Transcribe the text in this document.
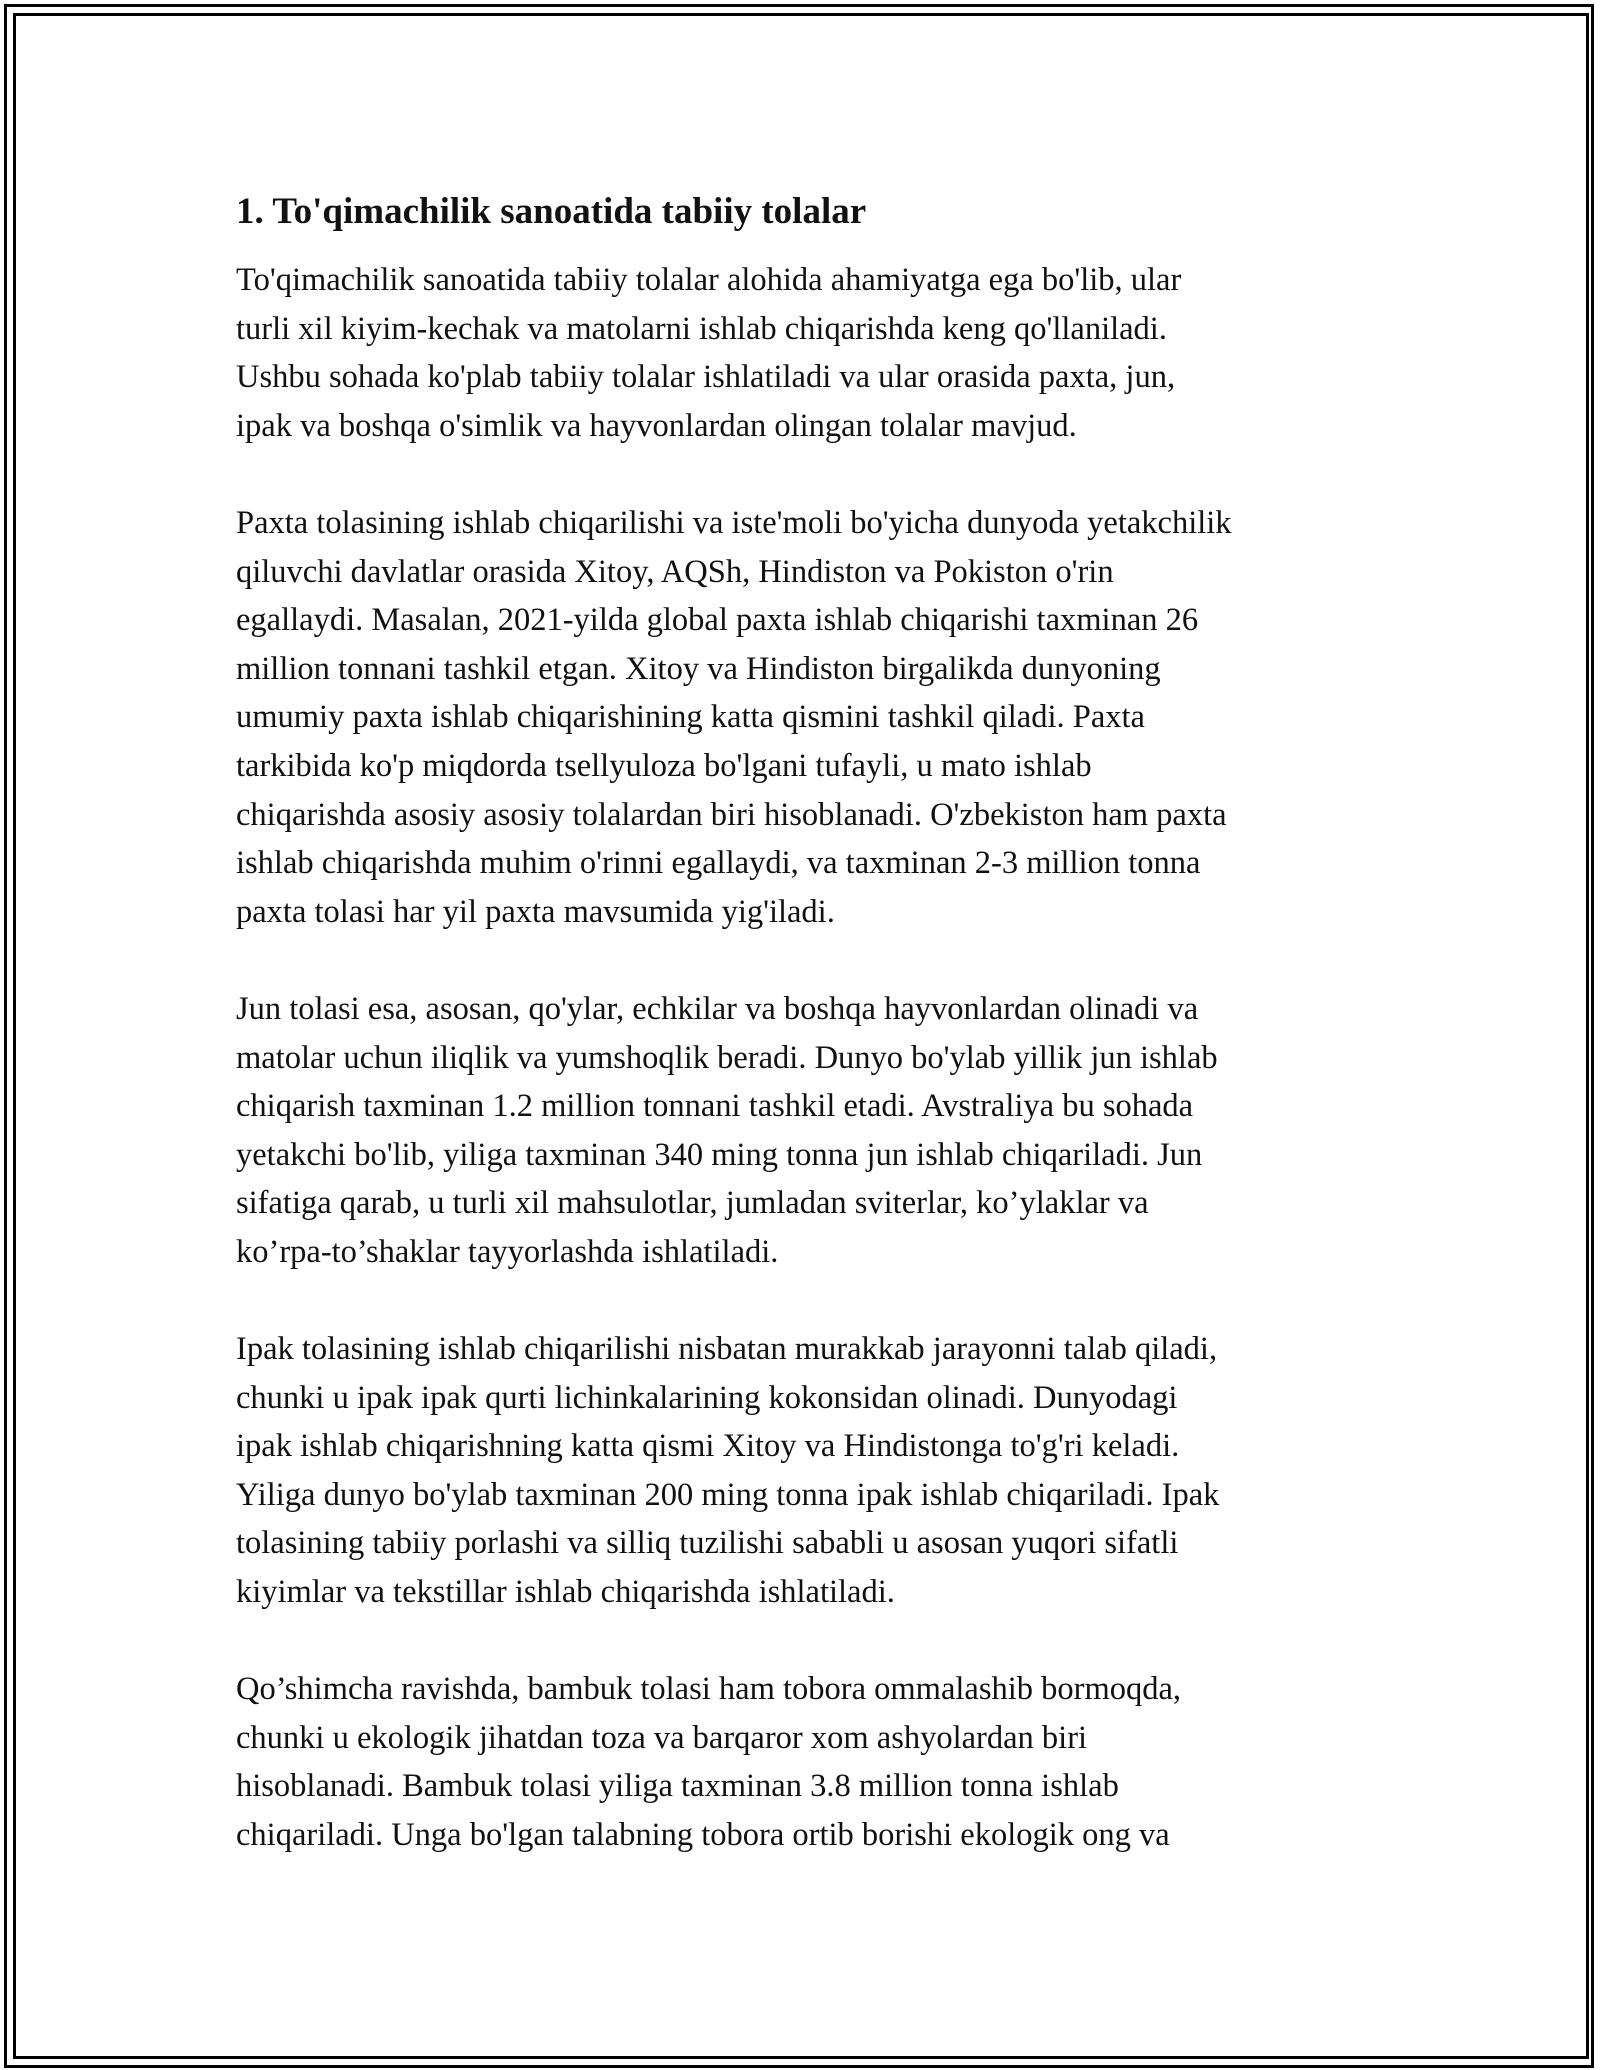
1. To'qimachilik sanoatida tabiiy tolalar
To'qimachilik sanoatida tabiiy tolalar alohida ahamiyatga ega bo'lib, ular
turli xil kiyim-kechak va matolarni ishlab chiqarishda keng qo'llaniladi.
Ushbu sohada ko'plab tabiiy tolalar ishlatiladi va ular orasida paxta, jun,
ipak va boshqa o'simlik va hayvonlardan olingan tolalar mavjud.
Paxta tolasining ishlab chiqarilishi va iste'moli bo'yicha dunyoda yetakchilik
qiluvchi davlatlar orasida Xitoy, AQSh, Hindiston va Pokiston o'rin
egallaydi. Masalan, 2021-yilda global paxta ishlab chiqarishi taxminan 26
million tonnani tashkil etgan. Xitoy va Hindiston birgalikda dunyoning
umumiy paxta ishlab chiqarishining katta qismini tashkil qiladi. Paxta
tarkibida ko'p miqdorda tsellyuloza bo'lgani tufayli, u mato ishlab
chiqarishda asosiy asosiy tolalardan biri hisoblanadi. O'zbekiston ham paxta
ishlab chiqarishda muhim o'rinni egallaydi, va taxminan 2-3 million tonna
paxta tolasi har yil paxta mavsumida yig'iladi.
Jun tolasi esa, asosan, qo'ylar, echkilar va boshqa hayvonlardan olinadi va
matolar uchun iliqlik va yumshoqlik beradi. Dunyo bo'ylab yillik jun ishlab
chiqarish taxminan 1.2 million tonnani tashkil etadi. Avstraliya bu sohada
yetakchi bo'lib, yiliga taxminan 340 ming tonna jun ishlab chiqariladi. Jun
sifatiga qarab, u turli xil mahsulotlar, jumladan sviterlar, ko’ylaklar va
ko’rpa-to’shaklar tayyorlashda ishlatiladi.
Ipak tolasining ishlab chiqarilishi nisbatan murakkab jarayonni talab qiladi,
chunki u ipak ipak qurti lichinkalarining kokonsidan olinadi. Dunyodagi
ipak ishlab chiqarishning katta qismi Xitoy va Hindistonga to'g'ri keladi.
Yiliga dunyo bo'ylab taxminan 200 ming tonna ipak ishlab chiqariladi. Ipak
tolasining tabiiy porlashi va silliq tuzilishi sababli u asosan yuqori sifatli
kiyimlar va tekstillar ishlab chiqarishda ishlatiladi.
Qo’shimcha ravishda, bambuk tolasi ham tobora ommalashib bormoqda,
chunki u ekologik jihatdan toza va barqaror xom ashyolardan biri
hisoblanadi. Bambuk tolasi yiliga taxminan 3.8 million tonna ishlab
chiqariladi. Unga bo'lgan talabning tobora ortib borishi ekologik ong va
